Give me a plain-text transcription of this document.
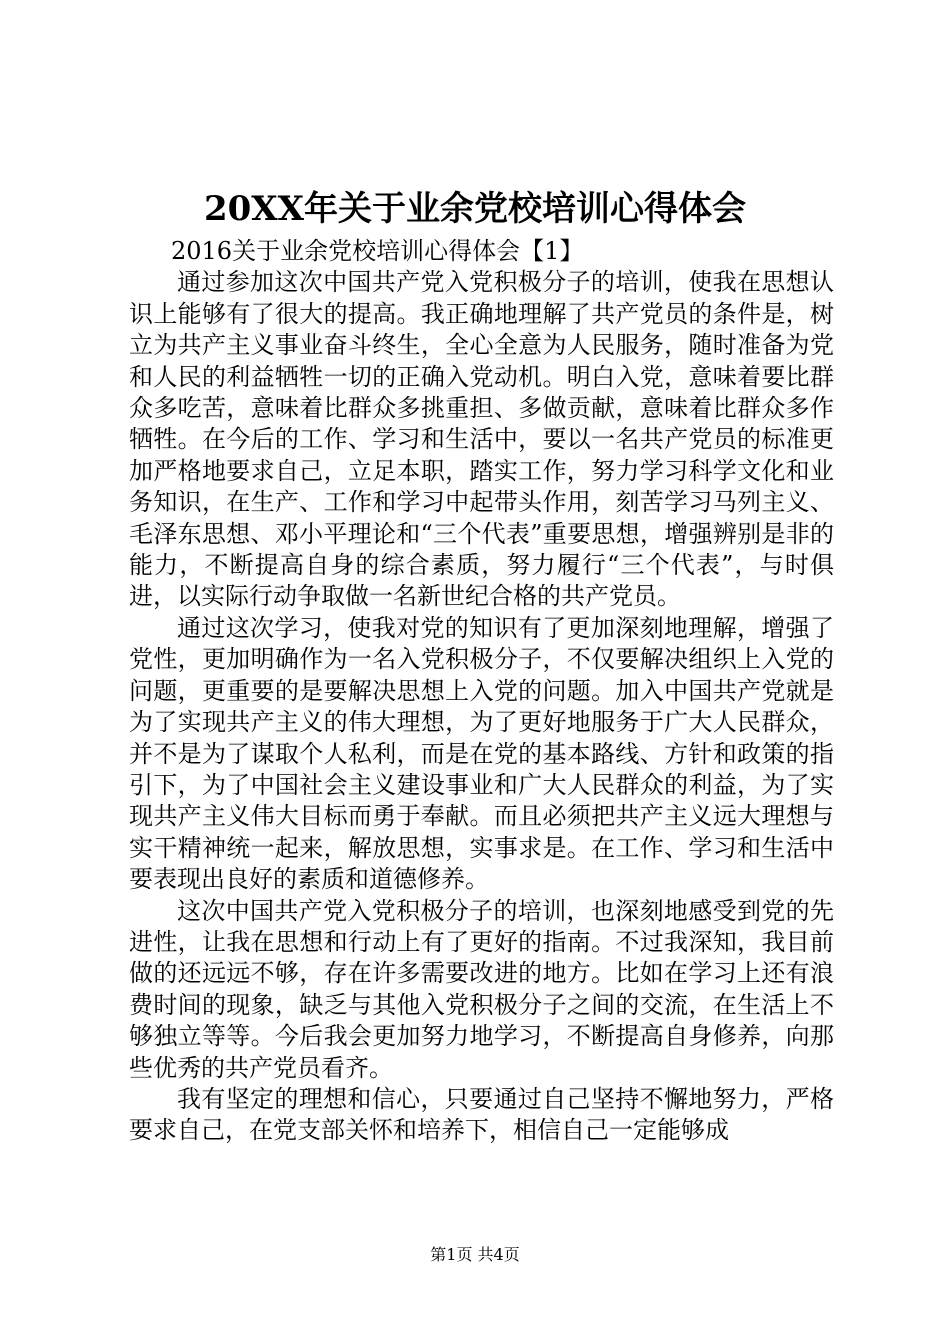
20XX年关于业余党校培训心得体会

2016关于业余党校培训心得体会【1】

通过参加这次中国共产党入党积极分子的培训，使我在思想认识上能够有了很大的提高。我正确地理解了共产党员的条件是，树立为共产主义事业奋斗终生，全心全意为人民服务，随时准备为党和人民的利益牺牲一切的正确入党动机。明白入党，意味着要比群众多吃苦，意味着比群众多挑重担、多做贡献，意味着比群众多作牺牲。在今后的工作、学习和生活中，要以一名共产党员的标准更加严格地要求自己，立足本职，踏实工作，努力学习科学文化和业务知识，在生产、工作和学习中起带头作用，刻苦学习马列主义、毛泽东思想、邓小平理论和“三个代表”重要思想，增强辨别是非的能力，不断提高自身的综合素质，努力履行“三个代表”，与时俱进，以实际行动争取做一名新世纪合格的共产党员。

通过这次学习，使我对党的知识有了更加深刻地理解，增强了党性，更加明确作为一名入党积极分子，不仅要解决组织上入党的问题，更重要的是要解决思想上入党的问题。加入中国共产党就是为了实现共产主义的伟大理想，为了更好地服务于广大人民群众，并不是为了谋取个人私利，而是在党的基本路线、方针和政策的指引下，为了中国社会主义建设事业和广大人民群众的利益，为了实现共产主义伟大目标而勇于奉献。而且必须把共产主义远大理想与实干精神统一起来，解放思想，实事求是。在工作、学习和生活中要表现出良好的素质和道德修养。

这次中国共产党入党积极分子的培训，也深刻地感受到党的先进性，让我在思想和行动上有了更好的指南。不过我深知，我目前做的还远远不够，存在许多需要改进的地方。比如在学习上还有浪费时间的现象，缺乏与其他入党积极分子之间的交流，在生活上不够独立等等。今后我会更加努力地学习，不断提高自身修养，向那些优秀的共产党员看齐。

我有坚定的理想和信心，只要通过自己坚持不懈地努力，严格要求自己，在党支部关怀和培养下，相信自己一定能够成

第1页 共4页
